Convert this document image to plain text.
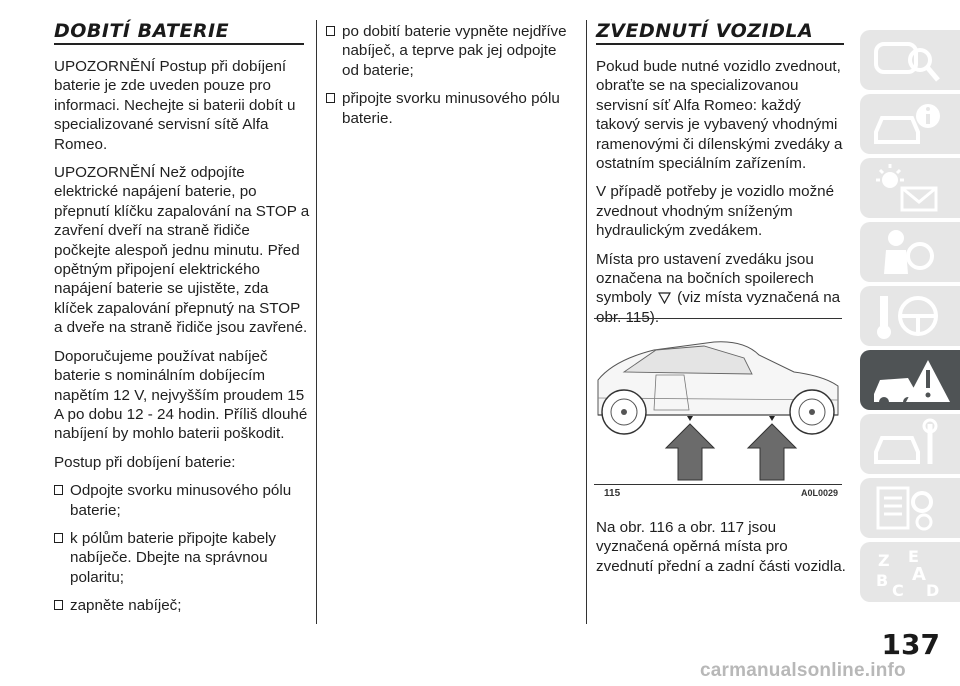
DOBITÍ BATERIE

UPOZORNĚNÍ Postup při dobíjení baterie je zde uveden pouze pro informaci. Nechejte si baterii dobít u specializované servisní sítě Alfa Romeo.

UPOZORNĚNÍ Než odpojíte elektrické napájení baterie, po přepnutí klíčku zapalování na STOP a zavření dveří na straně řidiče počkejte alespoň jednu minutu. Před opětným připojení elektrického napájení baterie se ujistěte, zda klíček zapalování přepnutý na STOP a dveře na straně řidiče jsou zavřené.

Doporučujeme používat nabíječ baterie s nominálním dobíjecím napětím 12 V, nejvyšším proudem 15 A po dobu 12 - 24 hodin. Příliš dlouhé nabíjení by mohlo baterii poškodit.

Postup při dobíjení baterie:

Odpojte svorku minusového pólu baterie;
k pólům baterie připojte kabely nabíječe. Dbejte na správnou polaritu;
zapněte nabíječ;
po dobití baterie vypněte nejdříve nabíječ, a teprve pak jej odpojte od baterie;
připojte svorku minusového pólu baterie.
ZVEDNUTÍ VOZIDLA

Pokud bude nutné vozidlo zvednout, obraťte se na specializovanou servisní síť Alfa Romeo: každý takový servis je vybavený vhodnými ramenovými či dílenskými zvedáky a ostatním speciálním zařízením.

V případě potřeby je vozidlo možné zvednout vhodným sníženým hydraulickým zvedákem.

Místa pro ustavení zvedáku jsou označena na bočních spoilerech symboly (viz místa vyznačená na obr. 115).

115	A0L0029

Na obr. 116 a obr. 117 jsou vyznačená opěrná místa pro zvednutí přední a zadní části vozidla. Z E
B A
C D
137
carmanualsonline.info
